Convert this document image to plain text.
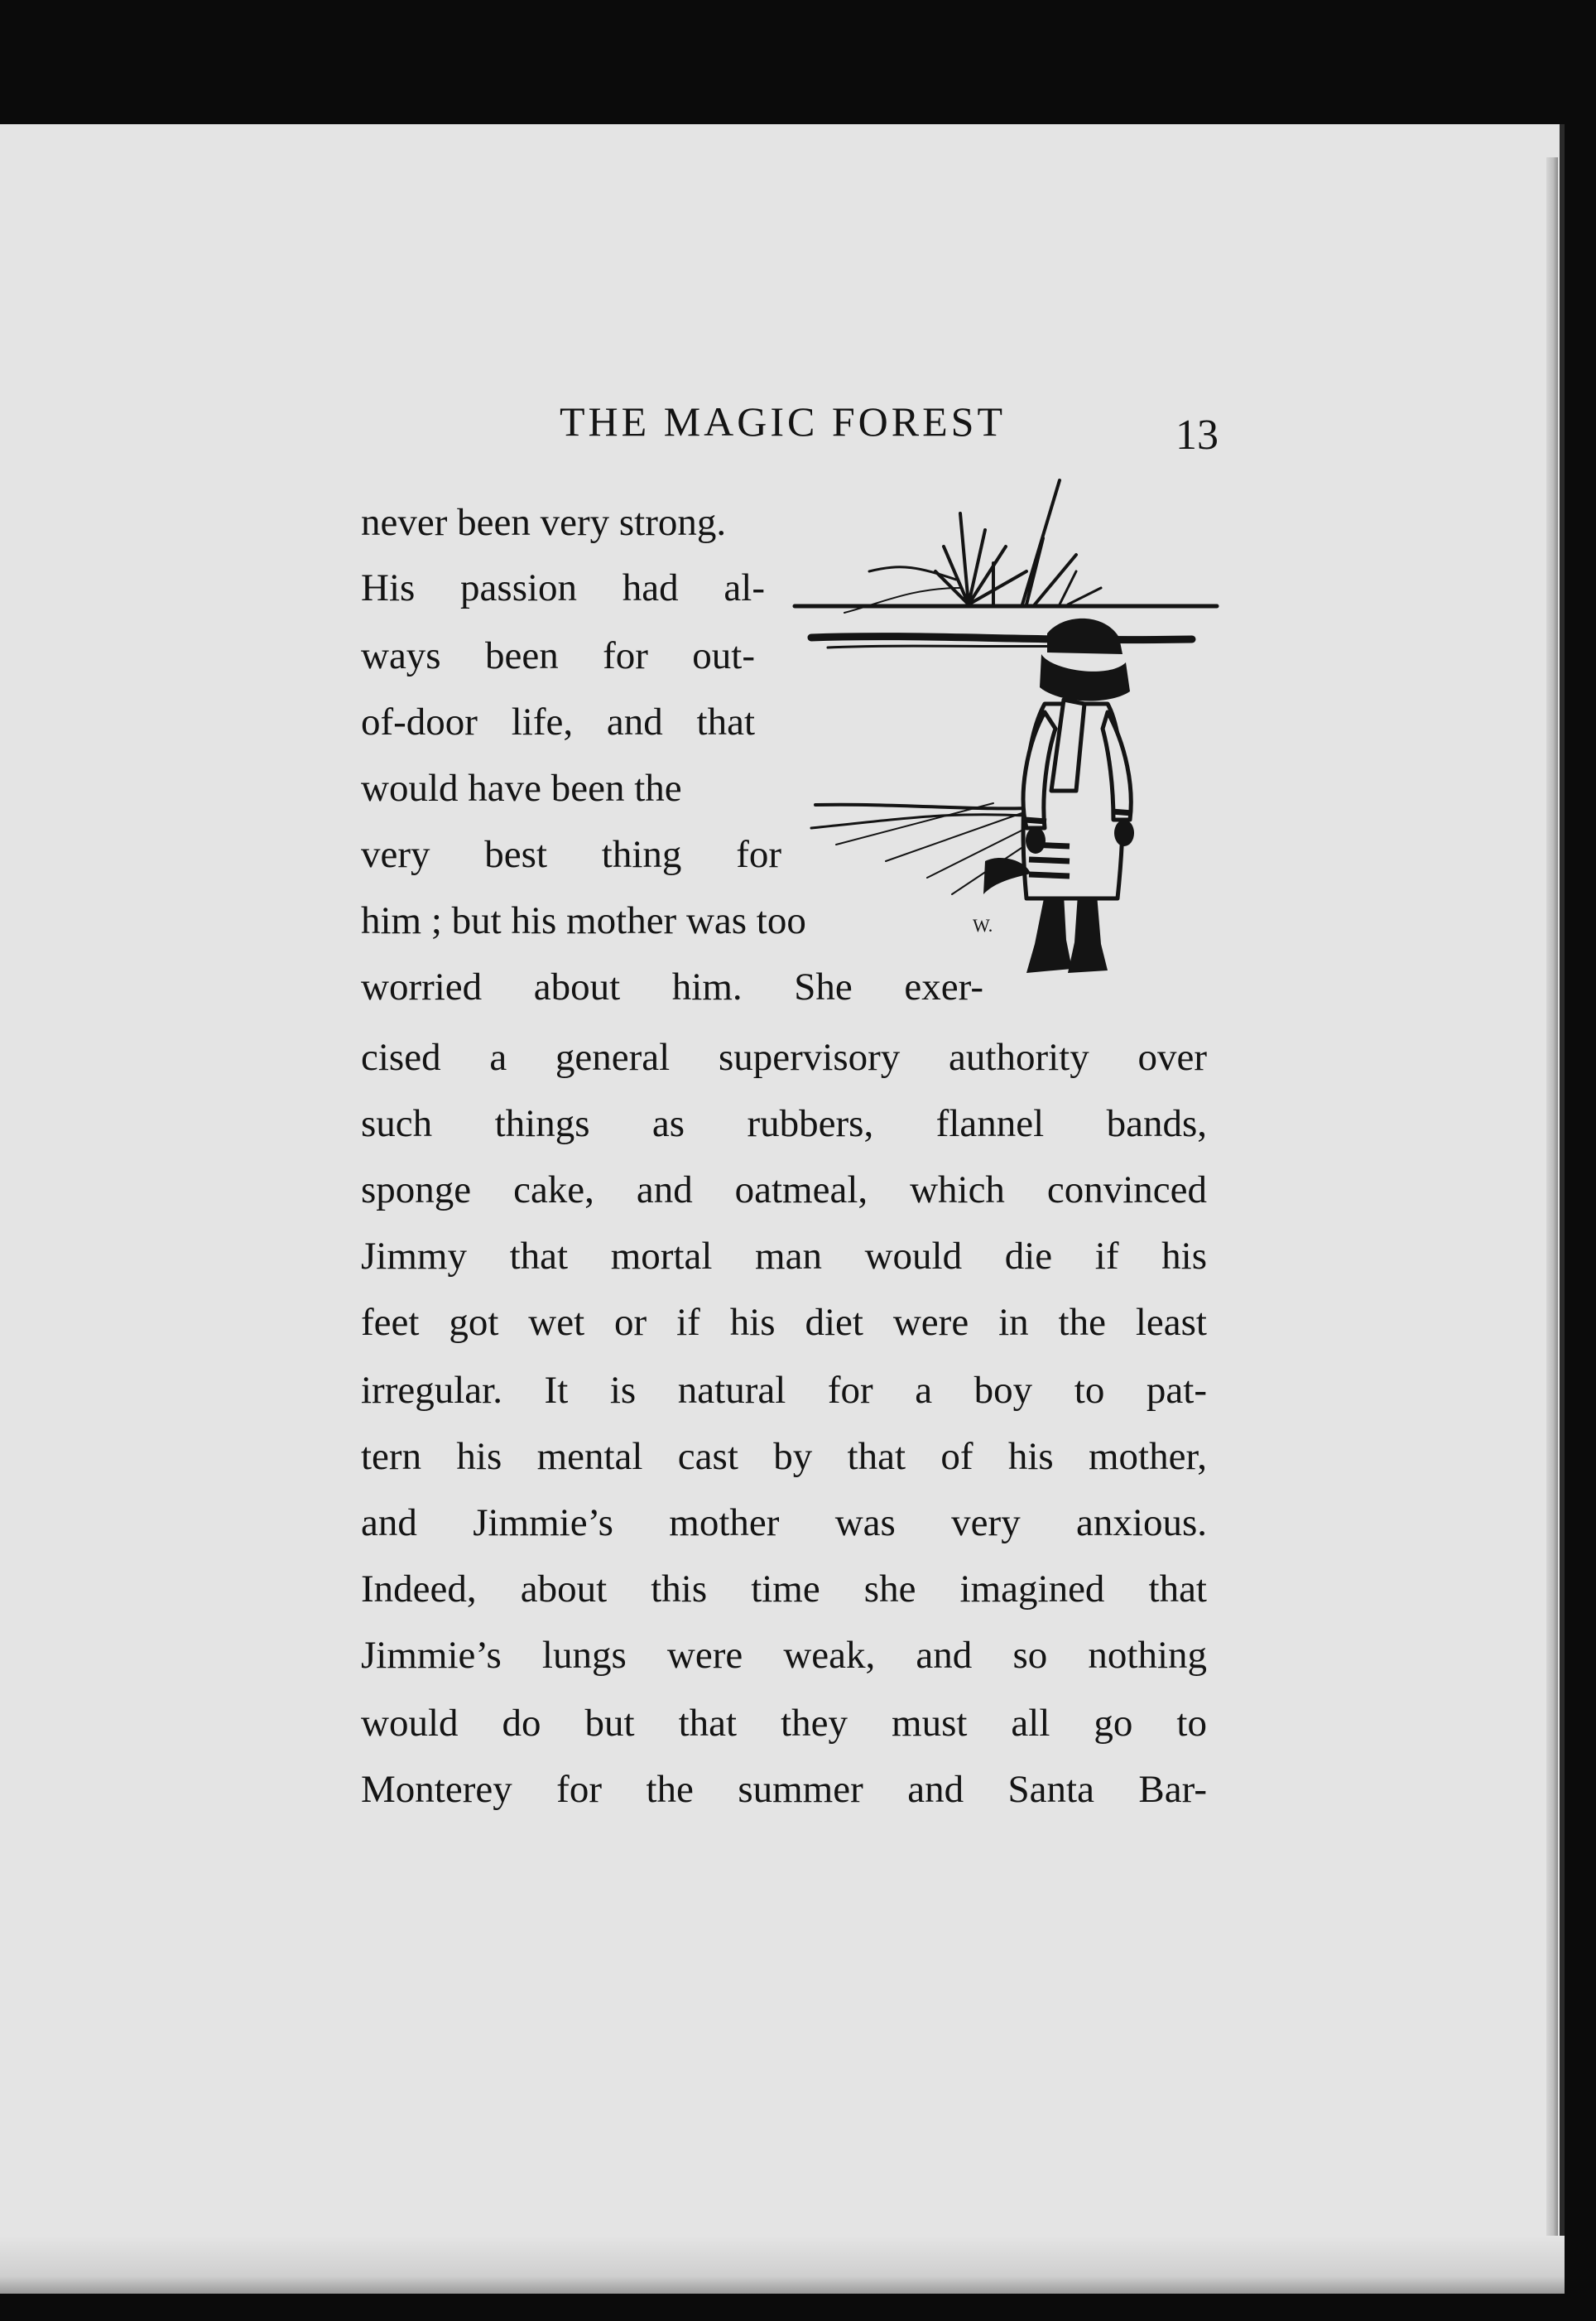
THE MAGIC FOREST	13
never been very strong.
His passion had al-
ways been for out-
of-door life, and that
would have been the
very best thing for
him ; but his mother was too
worried about him. She exer-
cised a general supervisory authority over
such things as rubbers, flannel bands,
sponge cake, and oatmeal, which convinced
Jimmy that mortal man would die if his
feet got wet or if his diet were in the least
irregular. It is natural for a boy to pat-
tern his mental cast by that of his mother,
and Jimmie’s mother was very anxious.
Indeed, about this time she imagined that
Jimmie’s lungs were weak, and so nothing
would do but that they must all go to
Monterey for the summer and Santa Bar-
W.
